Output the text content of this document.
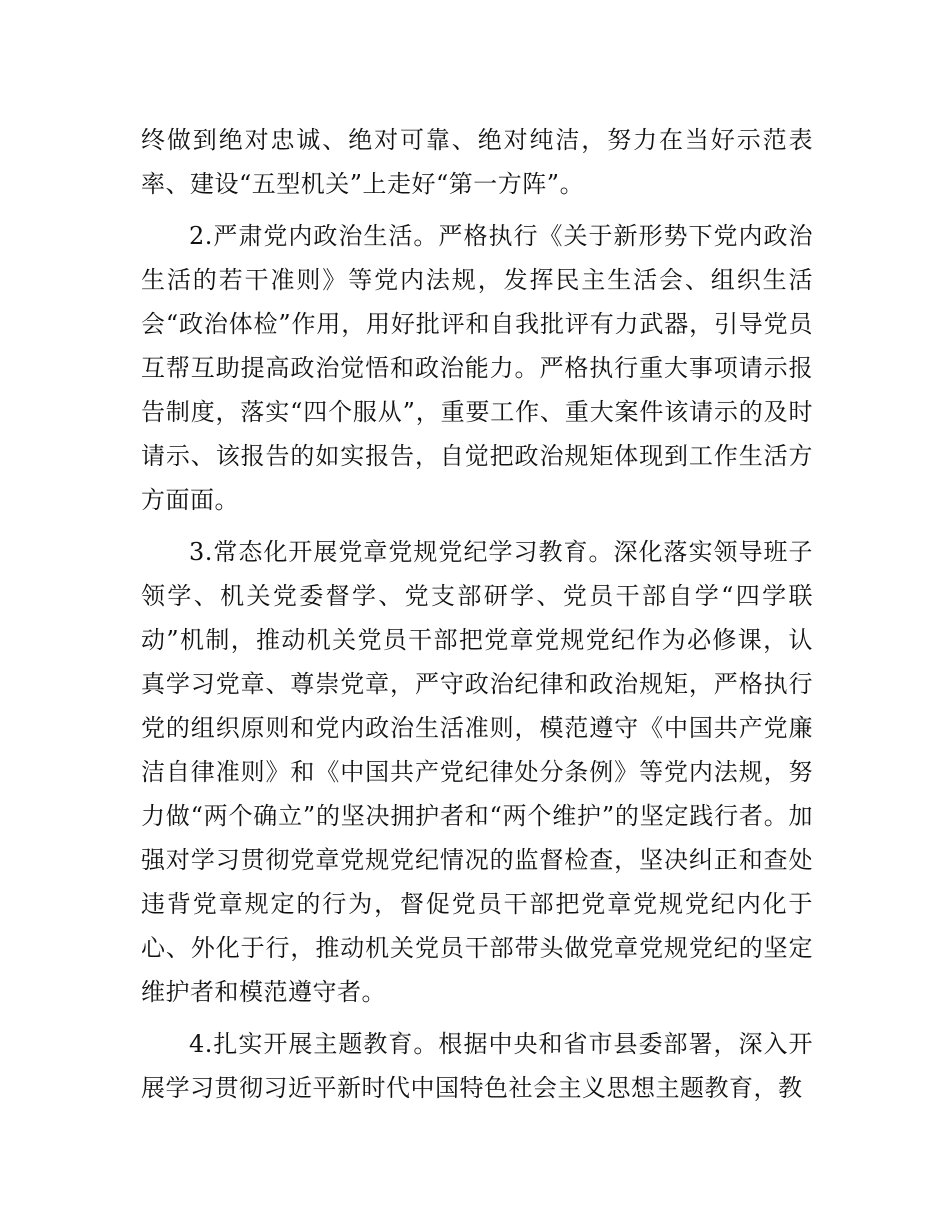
终做到绝对忠诚、绝对可靠、绝对纯洁，努力在当好示范表率、建设“五型机关”上走好“第一方阵”。

2.严肃党内政治生活。严格执行《关于新形势下党内政治生活的若干准则》等党内法规，发挥民主生活会、组织生活会“政治体检”作用，用好批评和自我批评有力武器，引导党员互帮互助提高政治觉悟和政治能力。严格执行重大事项请示报告制度，落实“四个服从”，重要工作、重大案件该请示的及时请示、该报告的如实报告，自觉把政治规矩体现到工作生活方方面面。

3.常态化开展党章党规党纪学习教育。深化落实领导班子领学、机关党委督学、党支部研学、党员干部自学“四学联动”机制，推动机关党员干部把党章党规党纪作为必修课，认真学习党章、尊崇党章，严守政治纪律和政治规矩，严格执行党的组织原则和党内政治生活准则，模范遵守《中国共产党廉洁自律准则》和《中国共产党纪律处分条例》等党内法规，努力做“两个确立”的坚决拥护者和“两个维护”的坚定践行者。加强对学习贯彻党章党规党纪情况的监督检查，坚决纠正和查处违背党章规定的行为，督促党员干部把党章党规党纪内化于心、外化于行，推动机关党员干部带头做党章党规党纪的坚定维护者和模范遵守者。

4.扎实开展主题教育。根据中央和省市县委部署，深入开展学习贯彻习近平新时代中国特色社会主义思想主题教育，教
